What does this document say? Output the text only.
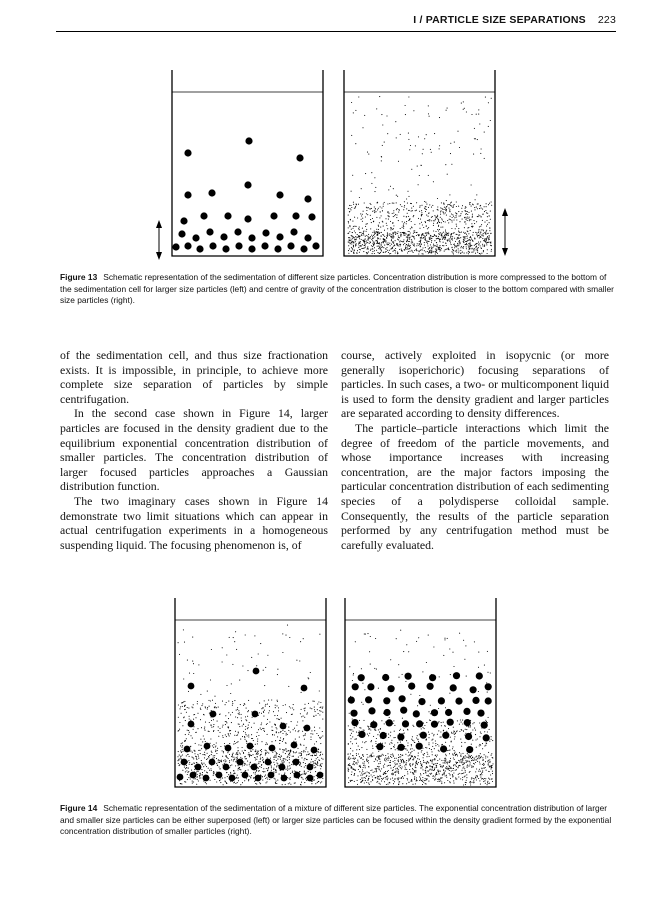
I / PARTICLE SIZE SEPARATIONS 223
Figure 13 Schematic representation of the sedimentation of different size particles. Concentration distribution is more compressed to the bottom of the sedimentation cell for larger size particles (left) and centre of gravity of the concentration distribution is closer to the bottom compared with smaller size particles (right).

of the sedimentation cell, and thus size fractionation exists. It is impossible, in principle, to achieve more complete size separation of particles by simple centrifugation.

In the second case shown in Figure 14, larger particles are focused in the density gradient due to the equilibrium exponential concentration distribution of smaller particles. The concentration distribution of larger focused particles approaches a Gaussian distribution function.

The two imaginary cases shown in Figure 14 demonstrate two limit situations which can appear in actual centrifugation experiments in a homogeneous suspending liquid. The focusing phenomenon is, of

course, actively exploited in isopycnic (or more generally isoperichoric) focusing separations of particles. In such cases, a two- or multicomponent liquid is used to form the density gradient and larger particles are separated according to density differences.

The particle–particle interactions which limit the degree of freedom of the particle movements, and whose importance increases with increasing concentration, are the major factors imposing the particular concentration distribution of each sedimenting species of a polydisperse colloidal sample. Consequently, the results of the particle separation performed by any centrifugation method must be carefully evaluated.

Figure 14 Schematic representation of the sedimentation of a mixture of different size particles. The exponential concentration distribution of larger and smaller size particles can be either superposed (left) or larger size particles can be focused within the density gradient formed by the exponential concentration distribution of smaller particles (right).
